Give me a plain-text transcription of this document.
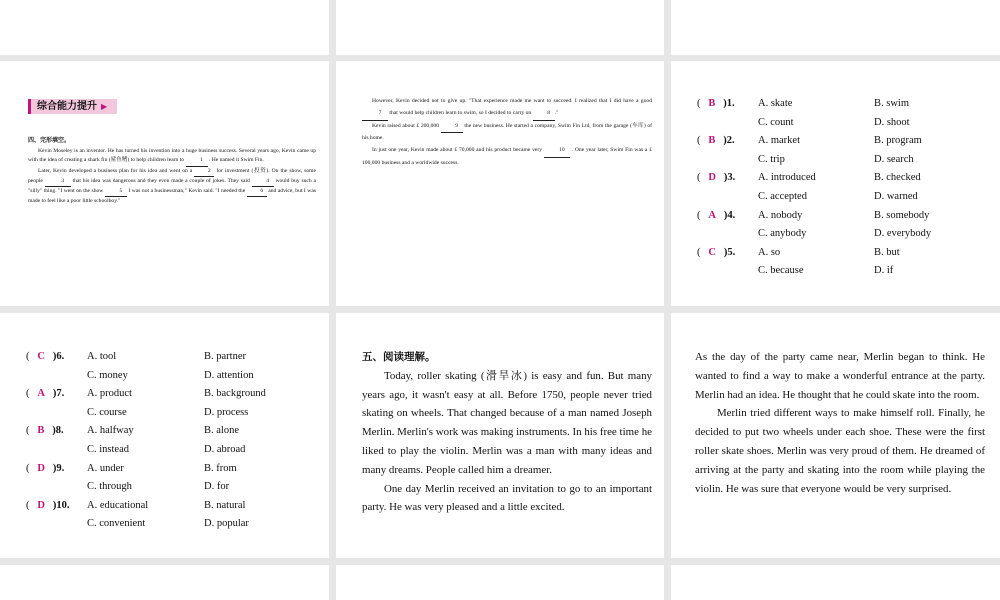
综合能力提升 ▶
四、完形填空。

Kevin Moseley is an inventor. He has turned his invention into a huge business success. Several years ago, Kevin came up with the idea of creating a shark fin (鲨鱼鳍) to help children learn to	1 . He named it Swim Fin.

Later, Kevin developed a business plan for his idea and went on a	2 for investment (投资). On the show, some people	3 that his idea was dangerous and they even made a couple of jokes. They said	4 would buy such a "silly" thing. "I went on the show	5 I was not a businessman," Kevin said. "I needed the	6 and advice, but I was made to feel like a poor little schoolboy."

However, Kevin decided not to give up. "That experience made me want to succeed. I realized that I did have a good 7 that would help children learn to swim, so I decided to carry on	8 ."

Kevin raised about £ 200,000	9 the new business. He started a company, Swim Fin Ltd, from the garage (车库) of his home.

In just one year, Kevin made about £ 70,000 and his product became very	10 . One year later, Swim Fin was a £ 100,000 business and a worldwide success.

(   B )1. A. skate	B. swim
C. count	D. shoot
(   B )2. A. market	B. program
C. trip	D. search
(   D )3. A. introduced	B. checked
C. accepted	D. warned
(   A )4. A. nobody	B. somebody
C. anybody	D. everybody
(   C )5. A. so	B. but
C. because	D. if
(   C )6. A. tool	B. partner
C. money	D. attention
(   A )7. A. product	B. background
C. course	D. process
(   B )8. A. halfway	B. alone
C. instead	D. abroad
(   D )9. A. under	B. from
C. through	D. for
(   D )10. A. educational	B. natural
C. convenient	D. popular

五、阅读理解。

Today, roller skating (滑旱冰) is easy and fun. But many years ago, it wasn't easy at all. Before 1750, people never tried skating on wheels. That changed because of a man named Joseph Merlin. Merlin's work was making instruments. In his free time he liked to play the violin. Merlin was a man with many ideas and many dreams. People called him a dreamer.

One day Merlin received an invitation to go to an important party. He was very pleased and a little excited.

As the day of the party came near, Merlin began to think. He wanted to find a way to make a wonderful entrance at the party. Merlin had an idea. He thought that he could skate into the room.

Merlin tried different ways to make himself roll. Finally, he decided to put two wheels under each shoe. These were the first roller skate shoes. Merlin was very proud of them. He dreamed of arriving at the party and skating into the room while playing the violin. He was sure that everyone would be very surprised.
